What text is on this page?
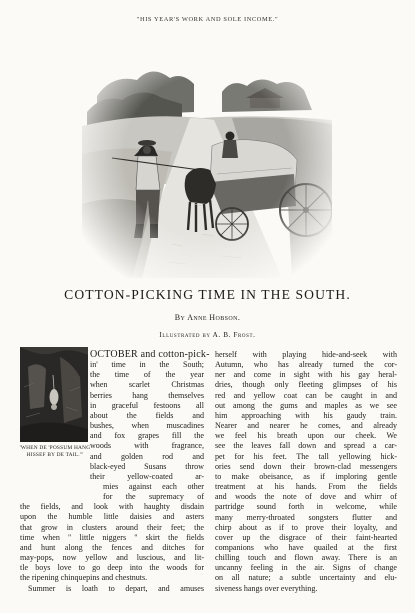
"HIS YEAR'S WORK AND SOLE INCOME."
COTTON-PICKING TIME IN THE SOUTH.
By Anne Hobson.
Illustrated by A. B. Frost.
'WHEN DE 'POSSUM HANG
HISSEF BY DE TAIL.'"
OCTOBER and cotton-pick-
in' time in the South;
the time of the year
when scarlet Christmas
berries hang themselves
in graceful festoons all
about the fields and
bushes, when muscadines
and fox grapes fill the
woods with fragrance,
and golden rod and
black-eyed Susans throw
their yellow-coated ar-
mies against each other
for the supremacy of
the fields, and look with haughty disdain
upon the humble little daisies and asters
that grow in clusters around their feet; the
time when " little niggers " skirt the fields
and hunt along the fences and ditches for
may-pops, now yellow and luscious, and lit-
tle boys love to go deep into the woods for
the ripening chinquepins and chestnuts.
Summer is loath to depart, and amuses
herself with playing hide-and-seek with
Autumn, who has already turned the cor-
ner and come in sight with his gay heral-
dries, though only fleeting glimpses of his
red and yellow coat can be caught in and
out among the gums and maples as we see
him approaching with his gaudy train.
Nearer and nearer he comes, and already
we feel his breath upon our cheek. We
see the leaves fall down and spread a car-
pet for his feet. The tall yellowing hick-
ories send down their brown-clad messengers
to make obeisance, as if imploring gentle
treatment at his hands. From the fields
and woods the note of dove and whirr of
partridge sound forth in welcome, while
many merry-throated songsters flutter and
chirp about as if to prove their loyalty, and
cover up the disgrace of their faint-hearted
companions who have quailed at the first
chilling touch and flown away. There is an
uncanny feeling in the air. Signs of change
on all nature; a subtle uncertainty and elu-
siveness hangs over everything.
